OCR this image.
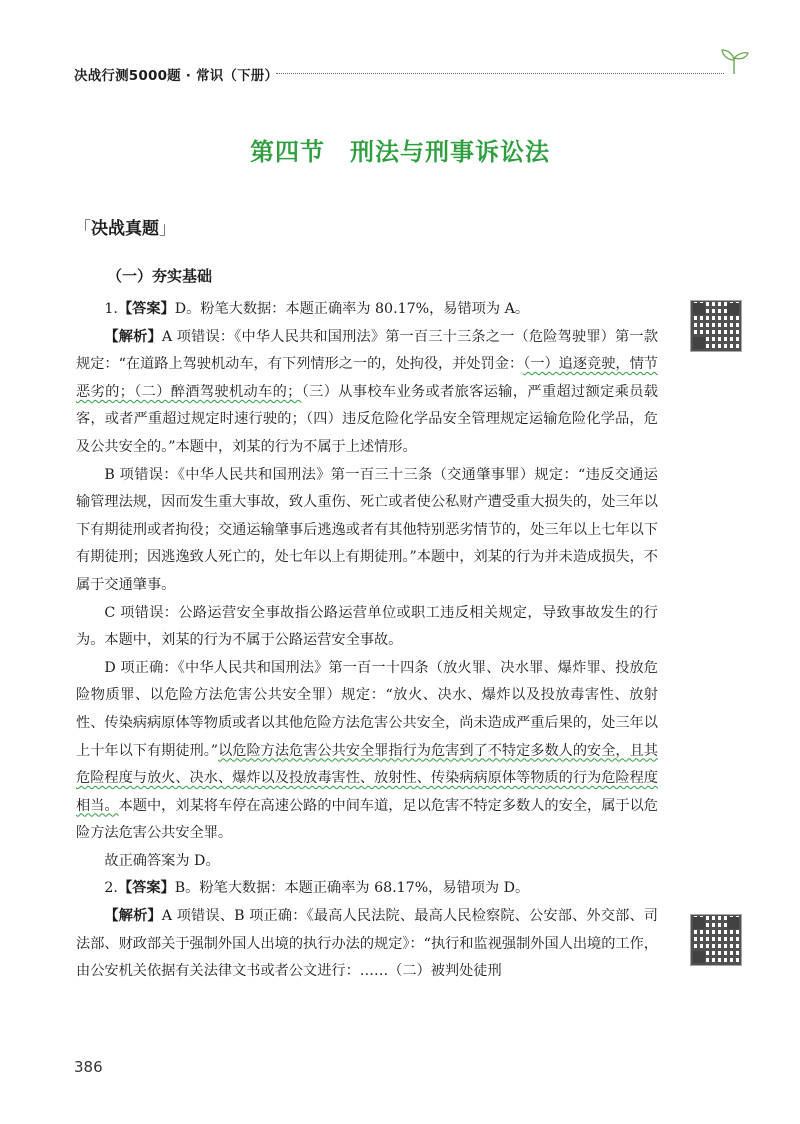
决战行测5000题 · 常识（下册）
第四节　刑法与刑事诉讼法
「决战真题」
（一）夯实基础

1.【答案】D。粉笔大数据：本题正确率为 80.17%，易错项为 A。

【解析】A 项错误：《中华人民共和国刑法》第一百三十三条之一（危险驾驶罪）第一款规定：“在道路上驾驶机动车，有下列情形之一的，处拘役，并处罚金：（一）追逐竞驶，情节恶劣的；（二）醉酒驾驶机动车的；（三）从事校车业务或者旅客运输，严重超过额定乘员载客，或者严重超过规定时速行驶的；（四）违反危险化学品安全管理规定运输危险化学品，危及公共安全的。”本题中，刘某的行为不属于上述情形。

B 项错误：《中华人民共和国刑法》第一百三十三条（交通肇事罪）规定：“违反交通运输管理法规，因而发生重大事故，致人重伤、死亡或者使公私财产遭受重大损失的，处三年以下有期徒刑或者拘役；交通运输肇事后逃逸或者有其他特别恶劣情节的，处三年以上七年以下有期徒刑；因逃逸致人死亡的，处七年以上有期徒刑。”本题中，刘某的行为并未造成损失，不属于交通肇事。

C 项错误：公路运营安全事故指公路运营单位或职工违反相关规定，导致事故发生的行为。本题中，刘某的行为不属于公路运营安全事故。

D 项正确：《中华人民共和国刑法》第一百一十四条（放火罪、决水罪、爆炸罪、投放危险物质罪、以危险方法危害公共安全罪）规定：“放火、决水、爆炸以及投放毒害性、放射性、传染病病原体等物质或者以其他危险方法危害公共安全，尚未造成严重后果的，处三年以上十年以下有期徒刑。”以危险方法危害公共安全罪指行为危害到了不特定多数人的安全，且其危险程度与放火、决水、爆炸以及投放毒害性、放射性、传染病病原体等物质的行为危险程度相当。本题中，刘某将车停在高速公路的中间车道，足以危害不特定多数人的安全，属于以危险方法危害公共安全罪。

故正确答案为 D。

2.【答案】B。粉笔大数据：本题正确率为 68.17%，易错项为 D。

【解析】A 项错误、B 项正确：《最高人民法院、最高人民检察院、公安部、外交部、司法部、财政部关于强制外国人出境的执行办法的规定》：“执行和监视强制外国人出境的工作，由公安机关依据有关法律文书或者公文进行：……（二）被判处徒刑

386
